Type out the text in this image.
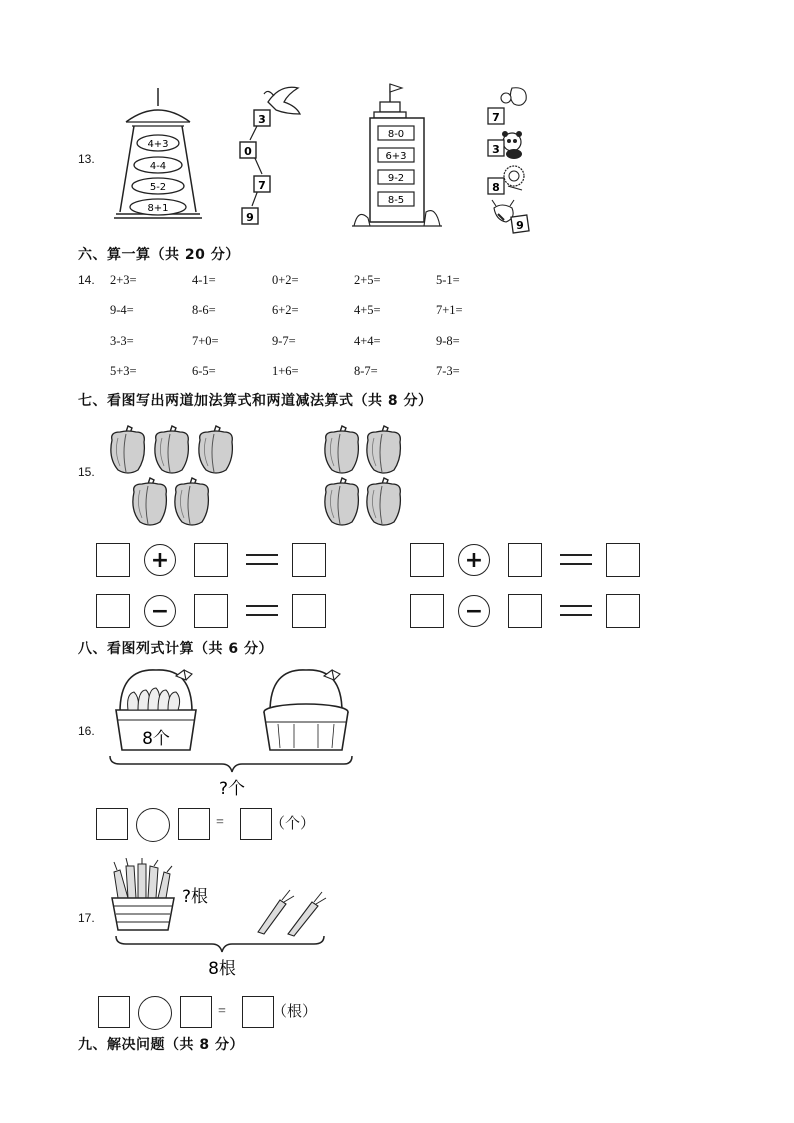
13.
4+3
4-4
5-2
8+1
3
0
7
9
8-0
6+3
9-2
8-5
7
3
8
9
六、算一算（共 20 分）
14. 2+3=	4-1=	0+2=	2+5=	5-1=
9-4=	8-6=	6+2=	4+5=	7+1=
3-3=	7+0=	9-7=	4+4=	9-8=
5+3=	6-5=	1+6=	8-7=	7-3=
七、看图写出两道加法算式和两道减法算式（共 8 分）
15.
+	+
−	−
八、看图列式计算（共 6 分）
16.	8个
?个
=	（个）
17.
?根
8根
=	（根）
九、解决问题（共 8 分）
